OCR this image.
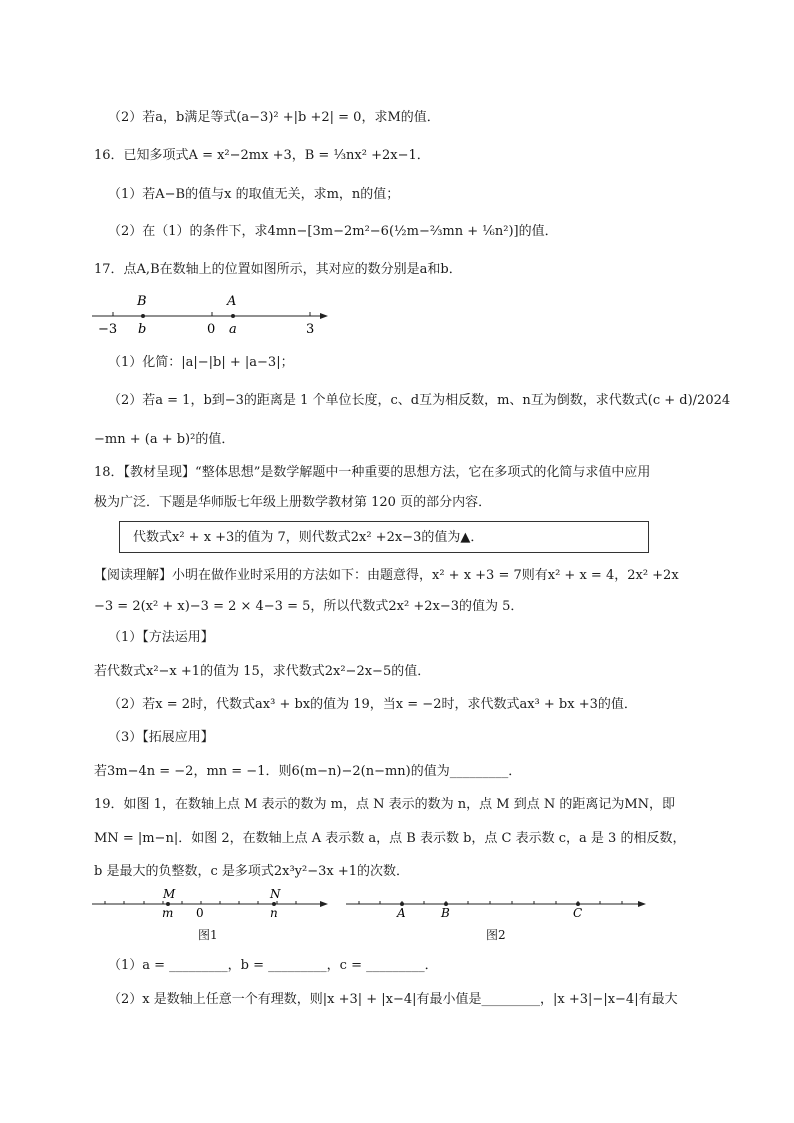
（2）若a，b满足等式(a−3)² +|b +2| = 0，求M的值．
16．已知多项式A = x²−2mx +3，B = ⅓nx² +2x−1．
（1）若A−B的值与x 的取值无关，求m，n的值；
（2）在（1）的条件下，求4mn−[3m−2m²−6(½m−⅔mn + ⅙n²)]的值．
17．点A,B在数轴上的位置如图所示，其对应的数分别是a和b．
B	A
−3 b	0 a	3
（1）化简：|a|−|b| + |a−3|；
（2）若a = 1，b到−3的距离是 1 个单位长度，c、d互为相反数，m、n互为倒数，求代数式(c + d)/2024
−mn + (a + b)²的值．
18．【教材呈现】“整体思想”是数学解题中一种重要的思想方法，它在多项式的化简与求值中应用
极为广泛．下题是华师版七年级上册数学教材第 120 页的部分内容．
代数式x² + x +3的值为 7，则代数式2x² +2x−3的值为▲．
【阅读理解】小明在做作业时采用的方法如下：由题意得，x² + x +3 = 7则有x² + x = 4，2x² +2x
−3 = 2(x² + x)−3 = 2 × 4−3 = 5，所以代数式2x² +2x−3的值为 5．
（1）【方法运用】
若代数式x²−x +1的值为 15，求代数式2x²−2x−5的值．
（2）若x = 2时，代数式ax³ + bx的值为 19，当x = −2时，求代数式ax³ + bx +3的值．
（3）【拓展应用】
若3m−4n = −2，mn = −1．则6(m−n)−2(n−mn)的值为_________．
19．如图 1，在数轴上点 M 表示的数为 m，点 N 表示的数为 n，点 M 到点 N 的距离记为MN，即
MN = |m−n|．如图 2，在数轴上点 A 表示数 a，点 B 表示数 b，点 C 表示数 c，a 是 3 的相反数，
b 是最大的负整数，c 是多项式2x³y²−3x +1的次数．
M	N
m 0	n
图1
A	B	C
图2
（1）a = _________，b = _________，c = _________．
（2）x 是数轴上任意一个有理数，则|x +3| + |x−4|有最小值是_________，|x +3|−|x−4|有最大
